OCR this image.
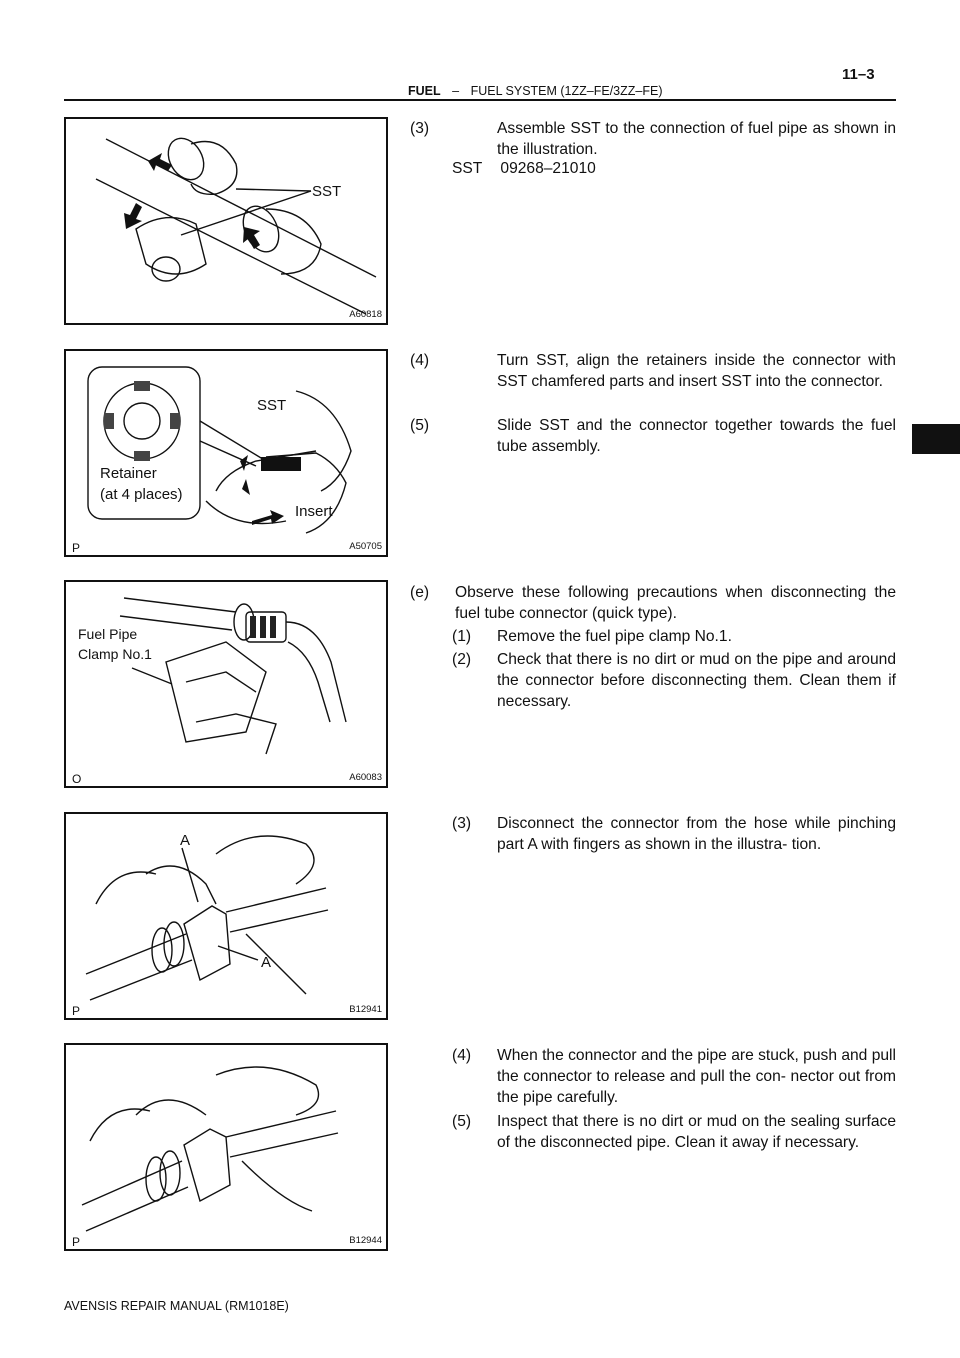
11–3
FUEL – FUEL SYSTEM (1ZZ–FE/3ZZ–FE)
SST
A60818
SST
Retainer
(at 4 places)
Insert
P	A50705
Fuel Pipe
Clamp No.1
O	A60083
A
A
P	B12941
P	B12944
(3)	Assemble SST to the connection of fuel pipe as shown in the illustration.
SST 09268–21010
(4)	Turn SST, align the retainers inside the connector with SST chamfered parts and insert SST into the connector.
(5)	Slide SST and the connector together towards the fuel tube assembly.
(e)	Observe these following precautions when disconnecting the fuel tube connector (quick type).
(1)	Remove the fuel pipe clamp No.1.
(2)	Check that there is no dirt or mud on the pipe and around the connector before disconnecting them. Clean them if necessary.
(3)	Disconnect the connector from the hose while pinching part A with fingers as shown in the illustra- tion.
(4)	When the connector and the pipe are stuck, push and pull the connector to release and pull the con- nector out from the pipe carefully.
(5)	Inspect that there is no dirt or mud on the sealing surface of the disconnected pipe. Clean it away if necessary.
AVENSIS REPAIR MANUAL (RM1018E)
